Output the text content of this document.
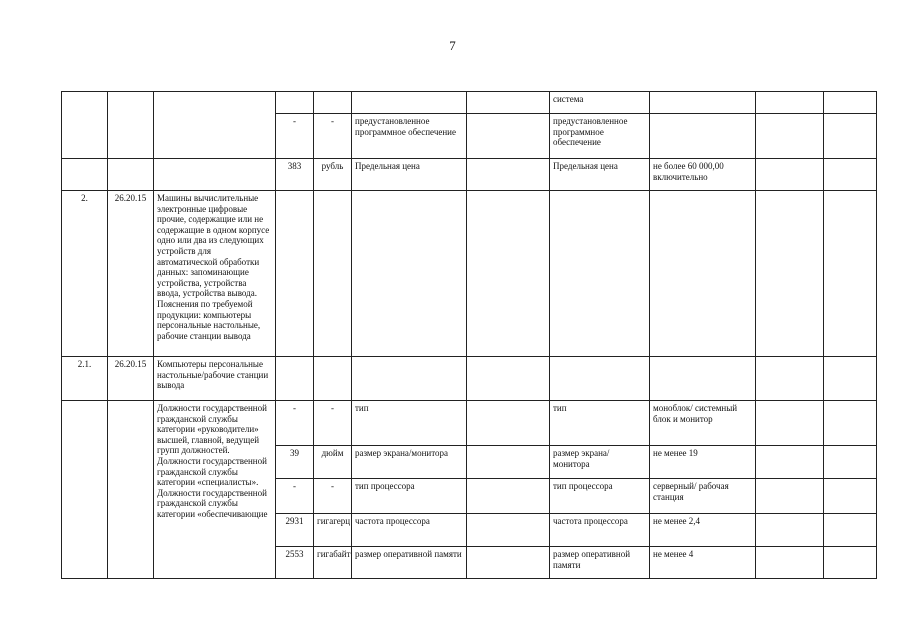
7
							система			
			-	-	предустановленное программное обеспечение		предустановленное программное обеспечение			
			383	рубль	Предельная цена		Предельная цена	не более 60 000,00 включительно		
2.	26.20.15	Машины вычислительные электронные цифровые прочие, содержащие или не содержащие в одном корпусе одно или два из следующих устройств для автоматической обработки данных: запоминающие устройства, устройства ввода, устройства вывода. Пояснения по требуемой продукции: компьютеры персональные настольные, рабочие станции вывода								
2.1.	26.20.15	Компьютеры персональные настольные/рабочие станции вывода								
		Должности государственной гражданской службы категории «руководители» высшей, главной, ведущей групп должностей. Должности государственной гражданской службы категории «специалисты». Должности государственной гражданской службы категории «обеспечивающие	-	-	тип		тип	моноблок/ системный блок и монитор		
			39	дюйм	размер экрана/монитора		размер экрана/ монитора	не менее 19		
			-	-	тип процессора		тип процессора	серверный/ рабочая станция		
			2931	гигагерц	частота процессора		частота процессора	не менее 2,4		
			2553	гигабайт	размер оперативной памяти		размер оперативной памяти	не менее 4		
